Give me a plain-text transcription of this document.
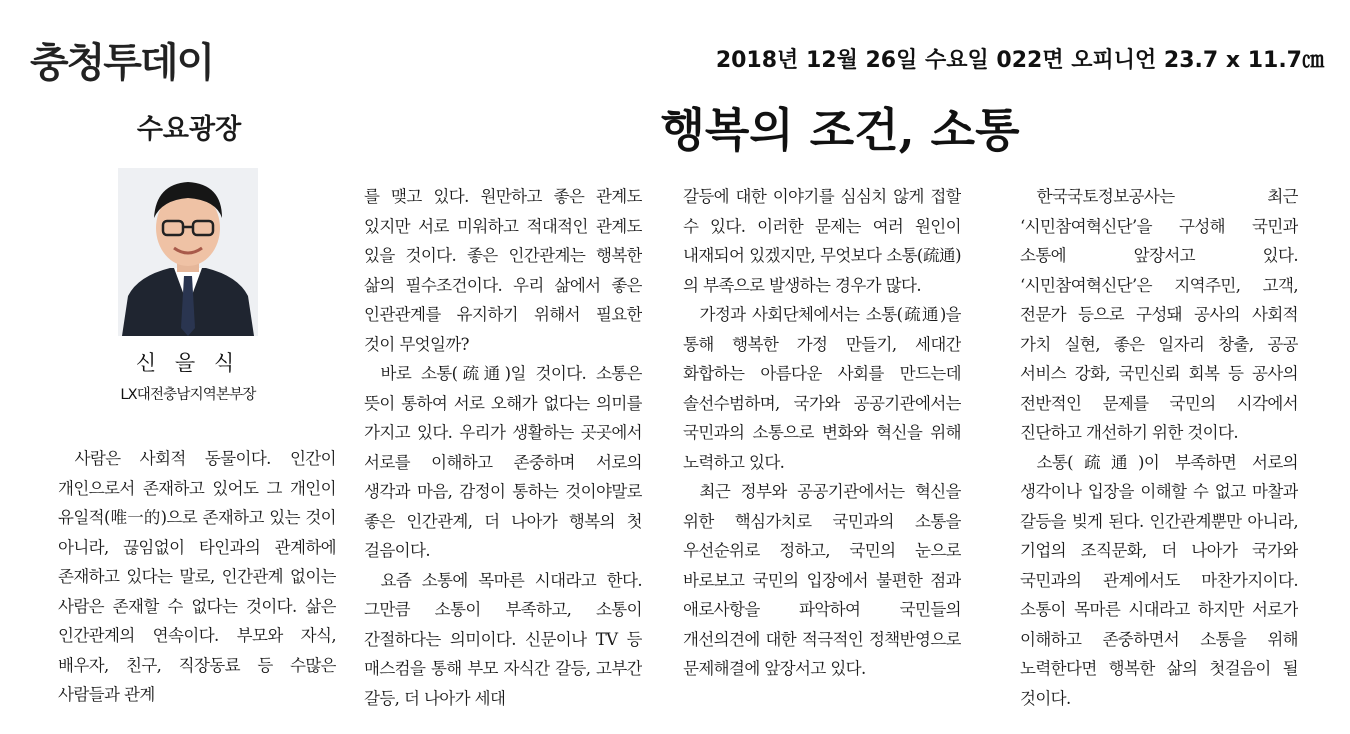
충청투데이	2018년 12월 26일 수요일 022면 오피니언 23.7 x 11.7㎝
수요광장	행복의 조건, 소통
신 을 식
LX대전충남지역본부장

사람은 사회적 동물이다. 인간이 개인으로서 존재하고 있어도 그 개인이 유일적(唯一的)으로 존재하고 있는 것이 아니라, 끊임없이 타인과의 관계하에 존재하고 있다는 말로, 인간관계 없이는 사람은 존재할 수 없다는 것이다. 삶은 인간관계의 연속이다. 부모와 자식, 배우자, 친구, 직장동료 등 수많은 사람들과 관계

를 맺고 있다. 원만하고 좋은 관계도 있지만 서로 미워하고 적대적인 관계도 있을 것이다. 좋은 인간관계는 행복한 삶의 필수조건이다. 우리 삶에서 좋은 인관관계를 유지하기 위해서 필요한 것이 무엇일까?

바로 소통(疏通)일 것이다. 소통은 뜻이 통하여 서로 오해가 없다는 의미를 가지고 있다. 우리가 생활하는 곳곳에서 서로를 이해하고 존중하며 서로의 생각과 마음, 감정이 통하는 것이야말로 좋은 인간관계, 더 나아가 행복의 첫 걸음이다.

요즘 소통에 목마른 시대라고 한다. 그만큼 소통이 부족하고, 소통이 간절하다는 의미이다. 신문이나 TV 등 매스컴을 통해 부모 자식간 갈등, 고부간 갈등, 더 나아가 세대

갈등에 대한 이야기를 심심치 않게 접할 수 있다. 이러한 문제는 여러 원인이 내재되어 있겠지만, 무엇보다 소통(疏通)의 부족으로 발생하는 경우가 많다.

가정과 사회단체에서는 소통(疏通)을 통해 행복한 가정 만들기, 세대간 화합하는 아름다운 사회를 만드는데 솔선수범하며, 국가와 공공기관에서는 국민과의 소통으로 변화와 혁신을 위해 노력하고 있다.

최근 정부와 공공기관에서는 혁신을 위한 핵심가치로 국민과의 소통을 우선순위로 정하고, 국민의 눈으로 바로보고 국민의 입장에서 불편한 점과 애로사항을 파악하여 국민들의 개선의견에 대한 적극적인 정책반영으로 문제해결에 앞장서고 있다.

한국국토정보공사는 최근 ‘시민참여혁신단’을 구성해 국민과 소통에 앞장서고 있다. ‘시민참여혁신단’은 지역주민, 고객, 전문가 등으로 구성돼 공사의 사회적 가치 실현, 좋은 일자리 창출, 공공 서비스 강화, 국민신뢰 회복 등 공사의 전반적인 문제를 국민의 시각에서 진단하고 개선하기 위한 것이다.

소통(疏通)이 부족하면 서로의 생각이나 입장을 이해할 수 없고 마찰과 갈등을 빚게 된다. 인간관계뿐만 아니라, 기업의 조직문화, 더 나아가 국가와 국민과의 관계에서도 마찬가지이다. 소통이 목마른 시대라고 하지만 서로가 이해하고 존중하면서 소통을 위해 노력한다면 행복한 삶의 첫걸음이 될 것이다.
